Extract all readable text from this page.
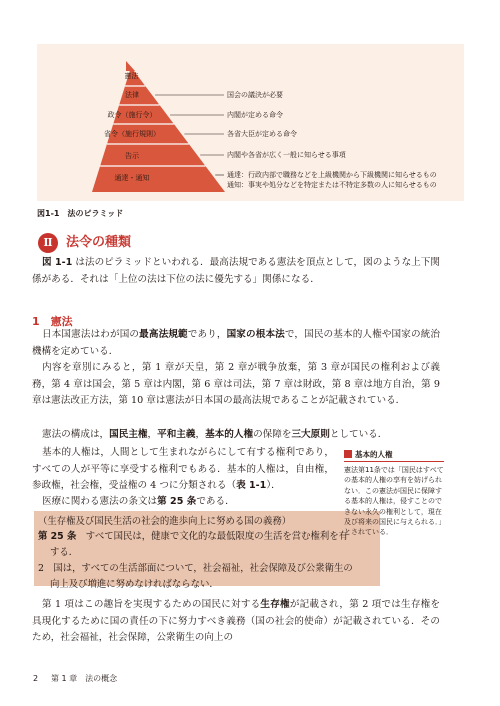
憲法
法律
政令（施行令）
省令（施行規則）
告示
通達・通知
国会の議決が必要
内閣が定める命令
各省大臣が定める命令
内閣や各省が広く一般に知らせる事項
通達：行政内部で職務などを上級機関から下級機関に知らせるもの
通知：事実や処分などを特定または不特定多数の人に知らせるもの
図1-1　法のピラミッド
Ⅱ	法令の種類
図 1-1 は法のピラミッドといわれる．最高法規である憲法を頂点として，図のような上下関係がある．それは「上位の法は下位の法に優先する」関係になる．
1　憲法
日本国憲法はわが国の最高法規範であり，国家の根本法で，国民の基本的人権や国家の統治機構を定めている．
内容を章別にみると，第 1 章が天皇，第 2 章が戦争放棄，第 3 章が国民の権利および義務，第 4 章は国会，第 5 章は内閣，第 6 章は司法，第 7 章は財政，第 8 章は地方自治，第 9 章は憲法改正方法，第 10 章は憲法が日本国の最高法規であることが記載されている．
憲法の構成は，国民主権，平和主義，基本的人権の保障を三大原則としている．
基本的人権は，人間として生まれながらにして有する権利であり，すべての人が平等に享受する権利でもある．基本的人権は，自由権，参政権，社会権，受益権の 4 つに分類される（表 1-1）．
医療に関わる憲法の条文は第 25 条である．
（生存権及び国民生活の社会的進歩向上に努める国の義務）
第 25 条　すべて国民は，健康で文化的な最低限度の生活を営む権利を有
する．
2　国は，すべての生活部面について，社会福祉，社会保障及び公衆衛生の
向上及び増進に努めなければならない．
第 1 項はこの趣旨を実現するための国民に対する生存権が記載され，第 2 項では生存権を具現化するために国の責任の下に努力すべき義務（国の社会的使命）が記載されている．そのため，社会福祉，社会保障，公衆衛生の向上の
基本的人権
憲法第11条では「国民はすべての基本的人権の享有を妨げられない．この憲法が国民に保障する基本的人権は，侵すことのできない永久の権利として，現在及び将来の国民に与えられる．」とされている．
2 第 1 章　法の概念
